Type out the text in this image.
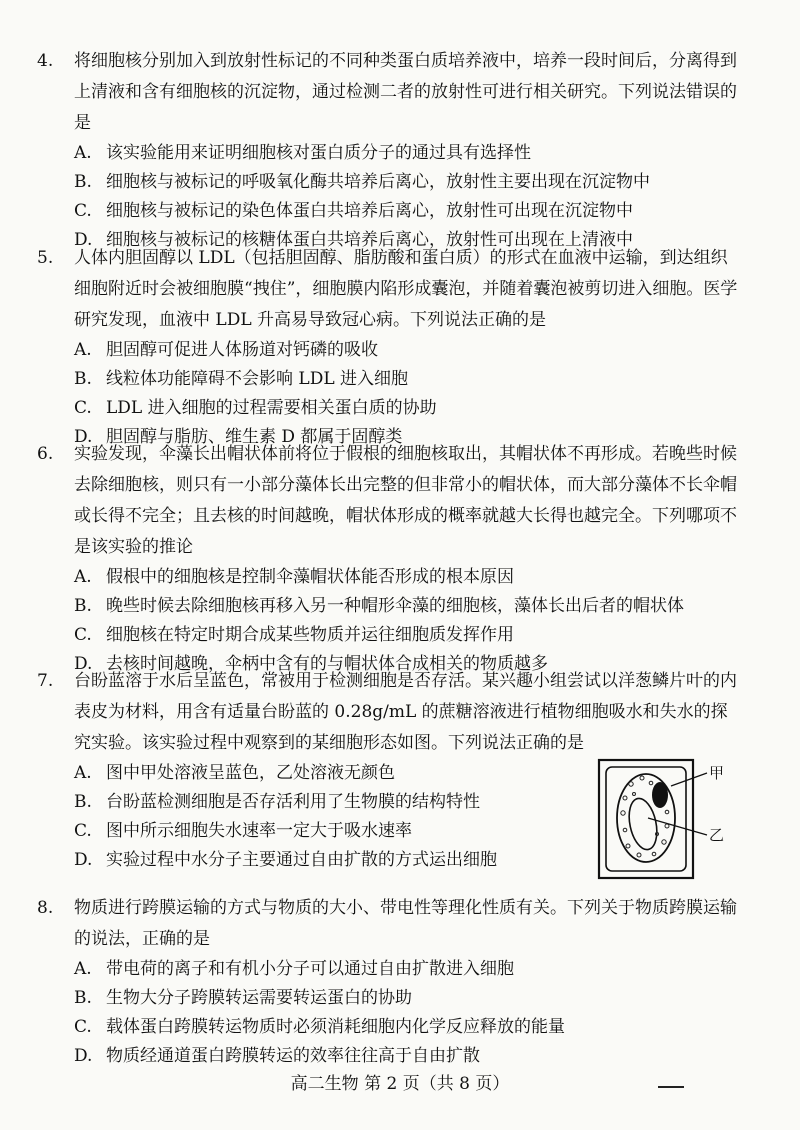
4. 将细胞核分别加入到放射性标记的不同种类蛋白质培养液中，培养一段时间后，分离得到上清液和含有细胞核的沉淀物，通过检测二者的放射性可进行相关研究。下列说法错误的是
A. 该实验能用来证明细胞核对蛋白质分子的通过具有选择性
B. 细胞核与被标记的呼吸氧化酶共培养后离心，放射性主要出现在沉淀物中
C. 细胞核与被标记的染色体蛋白共培养后离心，放射性可出现在沉淀物中
D. 细胞核与被标记的核糖体蛋白共培养后离心，放射性可出现在上清液中
5. 人体内胆固醇以 LDL（包括胆固醇、脂肪酸和蛋白质）的形式在血液中运输，到达组织细胞附近时会被细胞膜“拽住”，细胞膜内陷形成囊泡，并随着囊泡被剪切进入细胞。医学研究发现，血液中 LDL 升高易导致冠心病。下列说法正确的是
A. 胆固醇可促进人体肠道对钙磷的吸收
B. 线粒体功能障碍不会影响 LDL 进入细胞
C. LDL 进入细胞的过程需要相关蛋白质的协助
D. 胆固醇与脂肪、维生素 D 都属于固醇类
6. 实验发现，伞藻长出帽状体前将位于假根的细胞核取出，其帽状体不再形成。若晚些时候去除细胞核，则只有一小部分藻体长出完整的但非常小的帽状体，而大部分藻体不长伞帽或长得不完全；且去核的时间越晚，帽状体形成的概率就越大长得也越完全。下列哪项不是该实验的推论
A. 假根中的细胞核是控制伞藻帽状体能否形成的根本原因
B. 晚些时候去除细胞核再移入另一种帽形伞藻的细胞核，藻体长出后者的帽状体
C. 细胞核在特定时期合成某些物质并运往细胞质发挥作用
D. 去核时间越晚，伞柄中含有的与帽状体合成相关的物质越多
7. 台盼蓝溶于水后呈蓝色，常被用于检测细胞是否存活。某兴趣小组尝试以洋葱鳞片叶的内表皮为材料，用含有适量台盼蓝的 0.28g/mL 的蔗糖溶液进行植物细胞吸水和失水的探究实验。该实验过程中观察到的某细胞形态如图。下列说法正确的是
A. 图中甲处溶液呈蓝色，乙处溶液无颜色
B. 台盼蓝检测细胞是否存活利用了生物膜的结构特性
C. 图中所示细胞失水速率一定大于吸水速率
D. 实验过程中水分子主要通过自由扩散的方式运出细胞
甲
乙
8. 物质进行跨膜运输的方式与物质的大小、带电性等理化性质有关。下列关于物质跨膜运输的说法，正确的是
A. 带电荷的离子和有机小分子可以通过自由扩散进入细胞
B. 生物大分子跨膜转运需要转运蛋白的协助
C. 载体蛋白跨膜转运物质时必须消耗细胞内化学反应释放的能量
D. 物质经通道蛋白跨膜转运的效率往往高于自由扩散
高二生物 第 2 页（共 8 页）
